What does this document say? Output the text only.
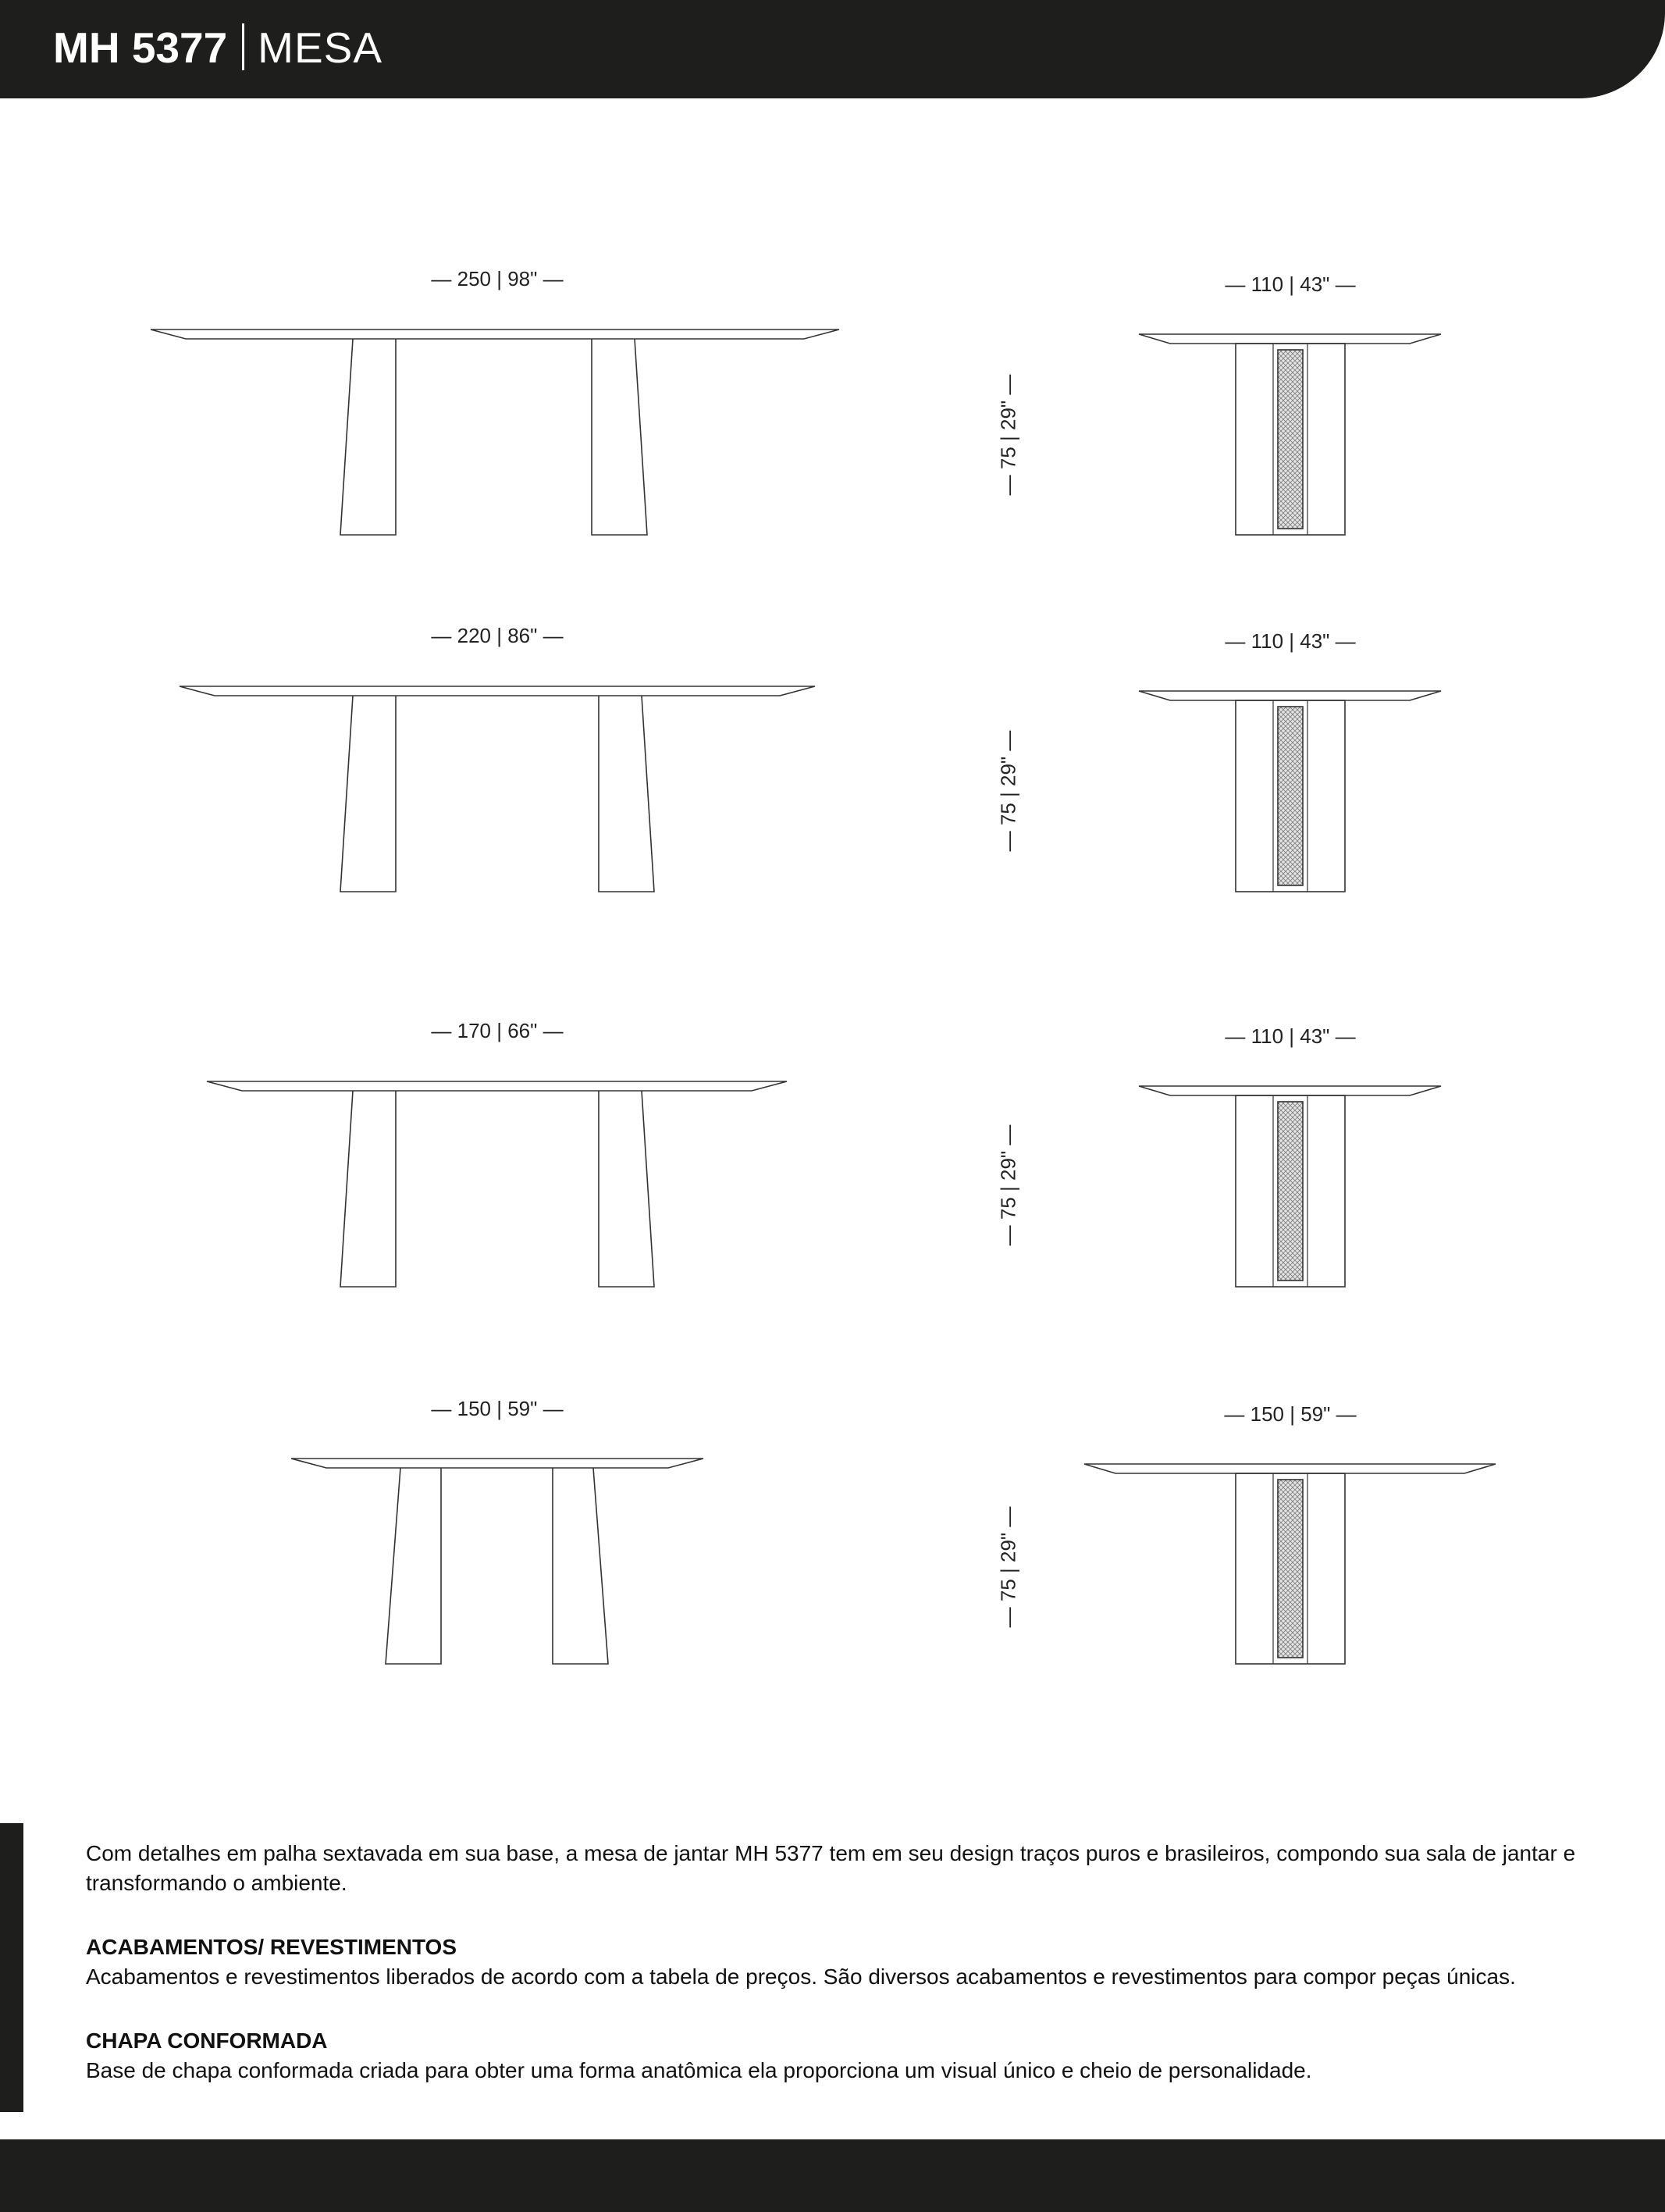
MH 5377 MESA
— 250 | 98" —	— 110 | 43" —
— 75 | 29" —
— 220 | 86" —	— 110 | 43" —
— 75 | 29" —
— 170 | 66" —	— 110 | 43" —
— 75 | 29" —
— 150 | 59" —	— 150 | 59" —
— 75 | 29" —

Com detalhes em palha sextavada em sua base, a mesa de jantar MH 5377 tem em seu design traços puros e brasileiros, compondo sua sala de jantar e transformando o ambiente.

ACABAMENTOS/ REVESTIMENTOS

Acabamentos e revestimentos liberados de acordo com a tabela de preços. São diversos acabamentos e revestimentos para compor peças únicas.

CHAPA CONFORMADA

Base de chapa conformada criada para obter uma forma anatômica ela proporciona um visual único e cheio de personalidade.
